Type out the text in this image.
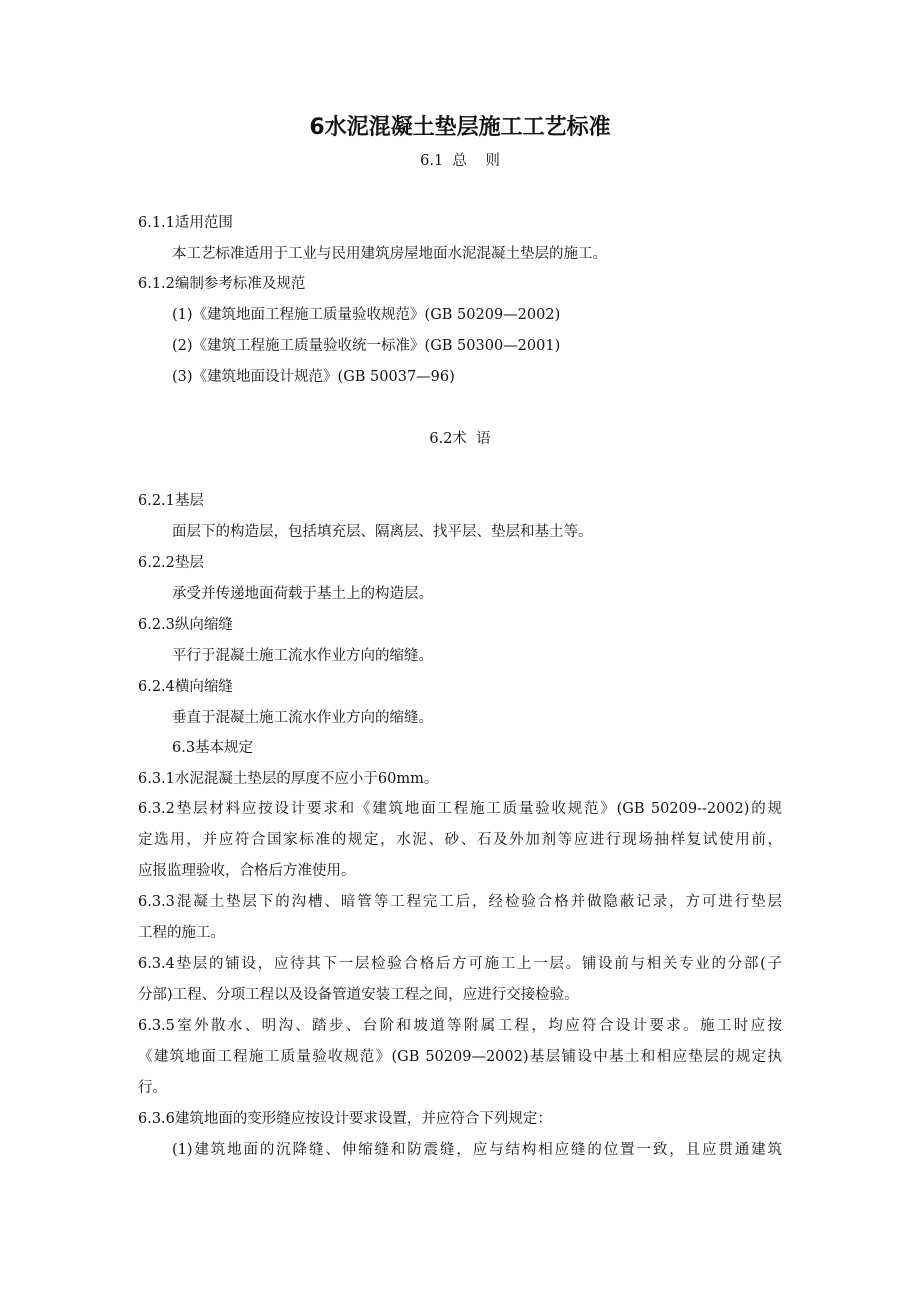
6水泥混凝土垫层施工工艺标准
6.1  总    则
6.1.1适用范围
本工艺标准适用于工业与民用建筑房屋地面水泥混凝土垫层的施工。
6.1.2编制参考标准及规范
(1)《建筑地面工程施工质量验收规范》(GB 50209—2002)
(2)《建筑工程施工质量验收统一标准》(GB 50300—2001)
(3)《建筑地面设计规范》(GB 50037—96)
6.2术  语
6.2.1基层
面层下的构造层，包括填充层、隔离层、找平层、垫层和基土等。
6.2.2垫层
承受并传递地面荷载于基土上的构造层。
6.2.3纵向缩缝
平行于混凝土施工流水作业方向的缩缝。
6.2.4横向缩缝
垂直于混凝土施工流水作业方向的缩缝。
6.3基本规定
6.3.1水泥混凝土垫层的厚度不应小于60mm。
6.3.2垫层材料应按设计要求和《建筑地面工程施工质量验收规范》(GB 50209--2002)的规
定选用，并应符合国家标准的规定，水泥、砂、石及外加剂等应进行现场抽样复试使用前，
应报监理验收，合格后方准使用。
6.3.3混凝土垫层下的沟槽、暗管等工程完工后，经检验合格并做隐蔽记录，方可进行垫层
工程的施工。
6.3.4垫层的铺设，应待其下一层检验合格后方可施工上一层。铺设前与相关专业的分部(子
分部)工程、分项工程以及设备管道安装工程之间，应进行交接检验。
6.3.5室外散水、明沟、踏步、台阶和坡道等附属工程，均应符合设计要求。施工时应按
《建筑地面工程施工质量验收规范》(GB 50209—2002)基层铺设中基土和相应垫层的规定执
行。
6.3.6建筑地面的变形缝应按设计要求设置，并应符合下列规定：
(1)建筑地面的沉降缝、伸缩缝和防震缝，应与结构相应缝的位置一致，且应贯通建筑
